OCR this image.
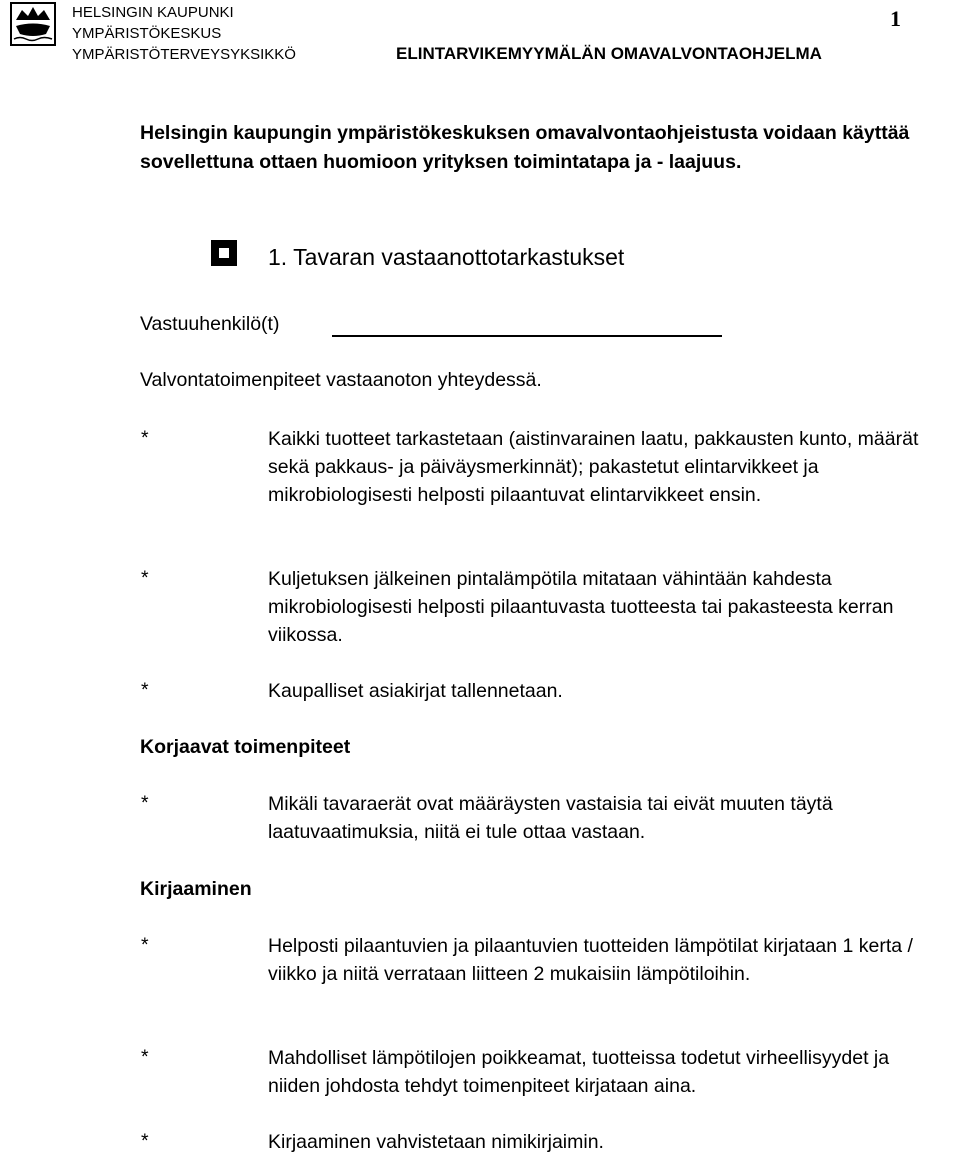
HELSINGIN KAUPUNKI
YMPÄRISTÖKESKUS
YMPÄRISTÖTERVEYSYKSIKKÖ	ELINTARVIKEMYYMÄLÄN OMAVALVONTAOHJELMA
1
Helsingin kaupungin ympäristökeskuksen omavalvontaohjeistusta voidaan käyttää sovellettuna ottaen huomioon yrityksen toimintatapa ja - laajuus.
1. Tavaran vastaanottotarkastukset
Vastuuhenkilö(t)
Valvontatoimenpiteet vastaanoton yhteydessä.
*	Kaikki tuotteet tarkastetaan (aistinvarainen laatu, pakkausten kunto, määrät sekä pakkaus- ja päiväysmerkinnät); pakastetut elintarvikkeet ja mikrobiologisesti helposti pilaantuvat elintarvikkeet ensin.
*	Kuljetuksen jälkeinen pintalämpötila mitataan vähintään kahdesta mikrobiologisesti helposti pilaantuvasta tuotteesta tai pakasteesta kerran viikossa.
*	Kaupalliset asiakirjat tallennetaan.
Korjaavat toimenpiteet
*	Mikäli tavaraerät ovat määräysten vastaisia tai eivät muuten täytä laatuvaatimuksia, niitä ei tule ottaa vastaan.
Kirjaaminen
*	Helposti pilaantuvien ja pilaantuvien tuotteiden lämpötilat kirjataan 1 kerta / viikko ja niitä verrataan liitteen 2 mukaisiin lämpötiloihin.
*	Mahdolliset lämpötilojen poikkeamat, tuotteissa todetut virheellisyydet ja niiden johdosta tehdyt toimenpiteet kirjataan aina.
*	Kirjaaminen vahvistetaan nimikirjaimin.
